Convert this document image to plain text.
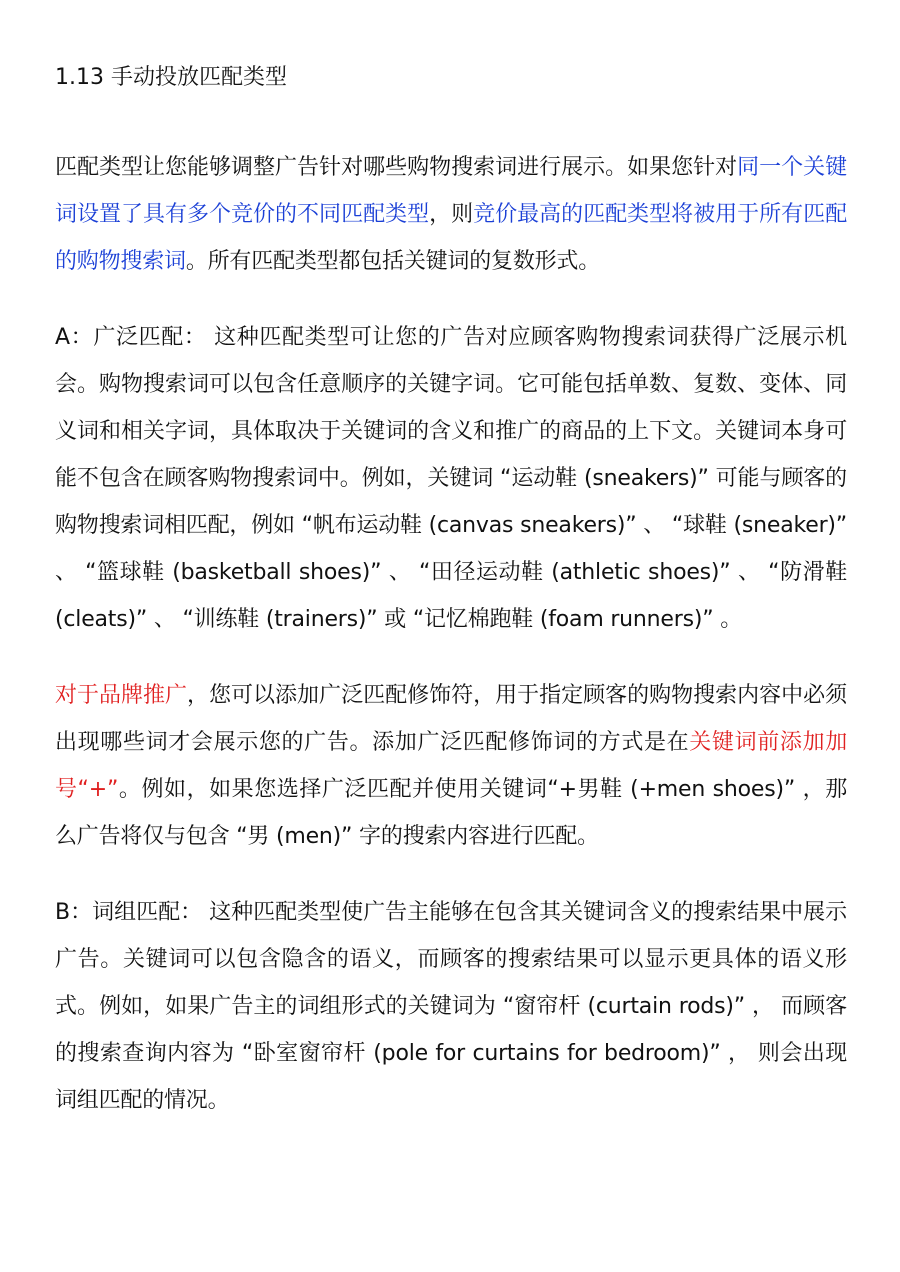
1.13 手动投放匹配类型

匹配类型让您能够调整广告针对哪些购物搜索词进行展示。如果您针对同一个关键词设置了具有多个竞价的不同匹配类型，则竞价最高的匹配类型将被用于所有匹配的购物搜索词。所有匹配类型都包括关键词的复数形式。

A：广泛匹配： 这种匹配类型可让您的广告对应顾客购物搜索词获得广泛展示机会。购物搜索词可以包含任意顺序的关键字词。它可能包括单数、复数、变体、同义词和相关字词，具体取决于关键词的含义和推广的商品的上下文。关键词本身可能不包含在顾客购物搜索词中。例如，关键词 “运动鞋 (sneakers)” 可能与顾客的购物搜索词相匹配，例如 “帆布运动鞋 (canvas sneakers)” 、 “球鞋 (sneaker)” 、 “篮球鞋 (basketball shoes)” 、 “田径运动鞋 (athletic shoes)” 、 “防滑鞋 (cleats)” 、 “训练鞋 (trainers)” 或 “记忆棉跑鞋 (foam runners)” 。

对于品牌推广，您可以添加广泛匹配修饰符，用于指定顾客的购物搜索内容中必须出现哪些词才会展示您的广告。添加广泛匹配修饰词的方式是在关键词前添加加号“+”。例如，如果您选择广泛匹配并使用关键词“+男鞋 (+men shoes)” ，那么广告将仅与包含 “男 (men)” 字的搜索内容进行匹配。

B：词组匹配： 这种匹配类型使广告主能够在包含其关键词含义的搜索结果中展示广告。关键词可以包含隐含的语义，而顾客的搜索结果可以显示更具体的语义形式。例如，如果广告主的词组形式的关键词为 “窗帘杆 (curtain rods)” ， 而顾客的搜索查询内容为 “卧室窗帘杆 (pole for curtains for bedroom)” ， 则会出现词组匹配的情况。
